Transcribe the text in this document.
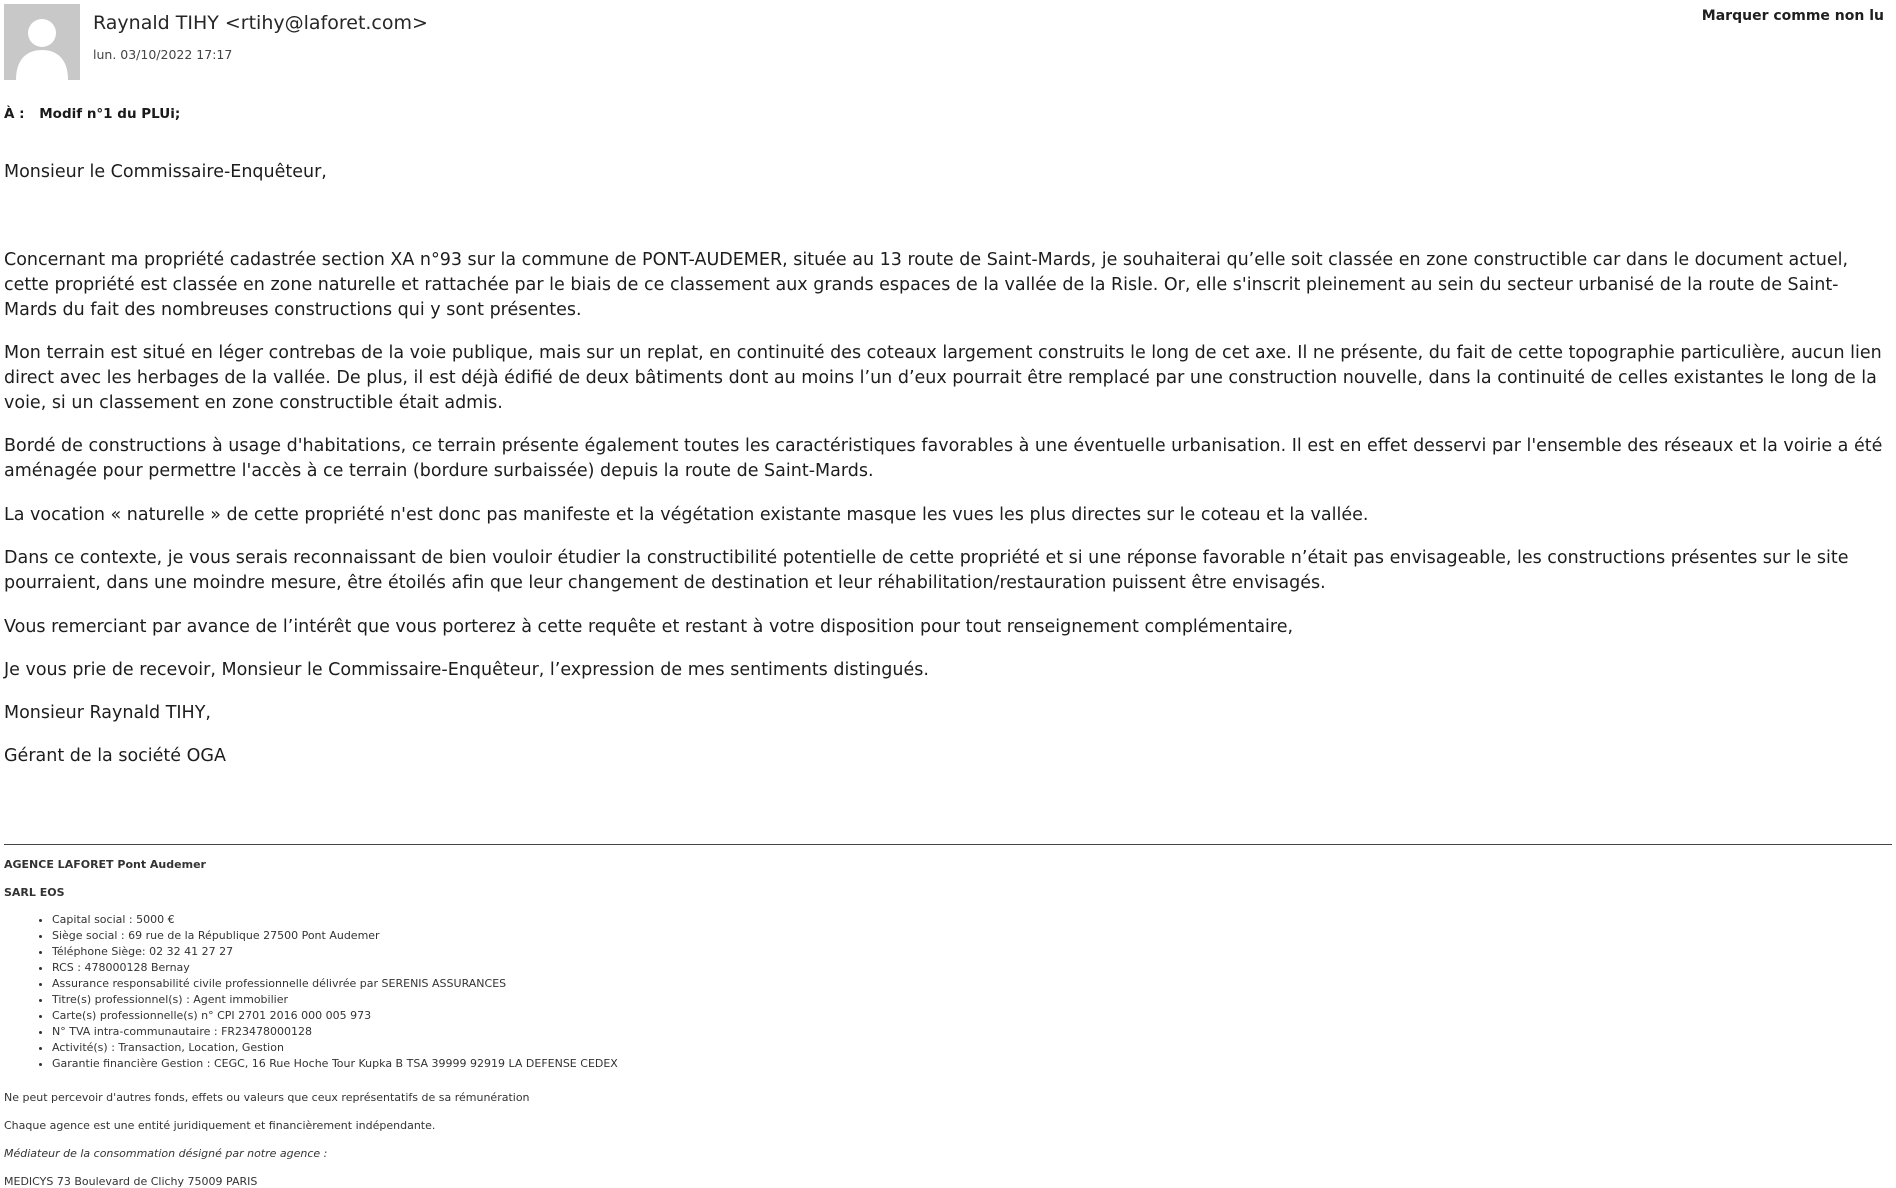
Raynald TIHY <rtihy@laforet.com>
lun. 03/10/2022 17:17
Marquer comme non lu
À : Modif n°1 du PLUi;

Monsieur le Commissaire-Enquêteur,

Concernant ma propriété cadastrée section XA n°93 sur la commune de PONT-AUDEMER, située au 13 route de Saint-Mards, je souhaiterai qu’elle soit classée en zone constructible car dans le document actuel, cette propriété est classée en zone naturelle et rattachée par le biais de ce classement aux grands espaces de la vallée de la Risle. Or, elle s'inscrit pleinement au sein du secteur urbanisé de la route de Saint-Mards du fait des nombreuses constructions qui y sont présentes.

Mon terrain est situé en léger contrebas de la voie publique, mais sur un replat, en continuité des coteaux largement construits le long de cet axe. Il ne présente, du fait de cette topographie particulière, aucun lien direct avec les herbages de la vallée. De plus, il est déjà édifié de deux bâtiments dont au moins l’un d’eux pourrait être remplacé par une construction nouvelle, dans la continuité de celles existantes le long de la voie, si un classement en zone constructible était admis.

Bordé de constructions à usage d'habitations, ce terrain présente également toutes les caractéristiques favorables à une éventuelle urbanisation. Il est en effet desservi par l'ensemble des réseaux et la voirie a été aménagée pour permettre l'accès à ce terrain (bordure surbaissée) depuis la route de Saint-Mards.

La vocation « naturelle » de cette propriété n'est donc pas manifeste et la végétation existante masque les vues les plus directes sur le coteau et la vallée.

Dans ce contexte, je vous serais reconnaissant de bien vouloir étudier la constructibilité potentielle de cette propriété et si une réponse favorable n’était pas envisageable, les constructions présentes sur le site pourraient, dans une moindre mesure, être étoilés afin que leur changement de destination et leur réhabilitation/restauration puissent être envisagés.

Vous remerciant par avance de l’intérêt que vous porterez à cette requête et restant à votre disposition pour tout renseignement complémentaire,

Je vous prie de recevoir, Monsieur le Commissaire-Enquêteur, l’expression de mes sentiments distingués.

Monsieur Raynald TIHY,

Gérant de la société OGA

AGENCE LAFORET Pont Audemer
SARL EOS
• Capital social : 5000 €
• Siège social : 69 rue de la République 27500 Pont Audemer
• Téléphone Siège: 02 32 41 27 27
• RCS : 478000128 Bernay
• Assurance responsabilité civile professionnelle délivrée par SERENIS ASSURANCES
• Titre(s) professionnel(s) : Agent immobilier
• Carte(s) professionnelle(s) n° CPI 2701 2016 000 005 973
• N° TVA intra-communautaire : FR23478000128
• Activité(s) : Transaction, Location, Gestion
• Garantie financière Gestion : CEGC, 16 Rue Hoche Tour Kupka B TSA 39999 92919 LA DEFENSE CEDEX
Ne peut percevoir d'autres fonds, effets ou valeurs que ceux représentatifs de sa rémunération
Chaque agence est une entité juridiquement et financièrement indépendante.
Médiateur de la consommation désigné par notre agence :
MEDICYS 73 Boulevard de Clichy 75009 PARIS
